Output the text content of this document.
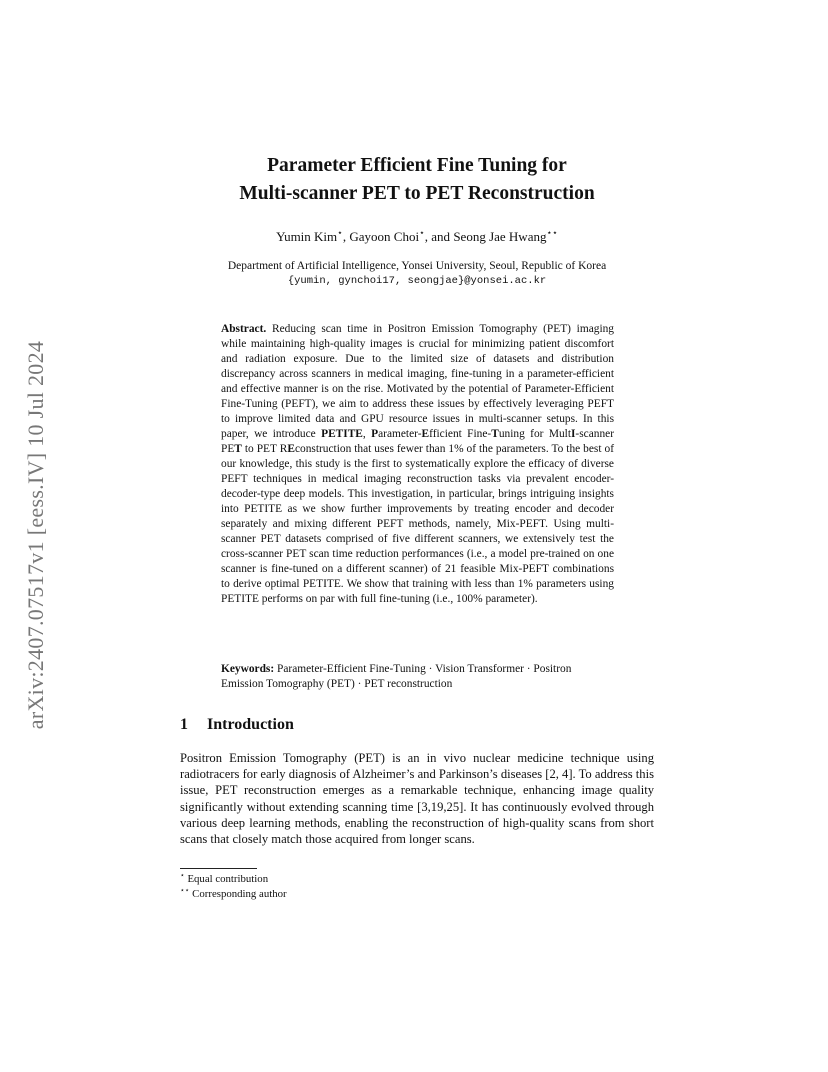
arXiv:2407.07517v1 [eess.IV] 10 Jul 2024
Parameter Efficient Fine Tuning for
Multi-scanner PET to PET Reconstruction
Yumin Kim⋆, Gayoon Choi⋆, and Seong Jae Hwang⋆⋆
Department of Artificial Intelligence, Yonsei University, Seoul, Republic of Korea
{yumin, gynchoi17, seongjae}@yonsei.ac.kr
Abstract. Reducing scan time in Positron Emission Tomography (PET) imaging while maintaining high-quality images is crucial for minimizing patient discomfort and radiation exposure. Due to the limited size of datasets and distribution discrepancy across scanners in medical imaging, fine-tuning in a parameter-efficient and effective manner is on the rise. Motivated by the potential of Parameter-Efficient Fine-Tuning (PEFT), we aim to address these issues by effectively leveraging PEFT to improve limited data and GPU resource issues in multi-scanner setups. In this paper, we introduce PETITE, Parameter-Efficient Fine-Tuning for MultI-scanner PET to PET REconstruction that uses fewer than 1% of the parameters. To the best of our knowledge, this study is the first to systematically explore the efficacy of diverse PEFT techniques in medical imaging reconstruction tasks via prevalent encoder-decoder-type deep models. This investigation, in particular, brings intriguing insights into PETITE as we show further improvements by treating encoder and decoder separately and mixing different PEFT methods, namely, Mix-PEFT. Using multi-scanner PET datasets comprised of five different scanners, we extensively test the cross-scanner PET scan time reduction performances (i.e., a model pre-trained on one scanner is fine-tuned on a different scanner) of 21 feasible Mix-PEFT combinations to derive optimal PETITE. We show that training with less than 1% parameters using PETITE performs on par with full fine-tuning (i.e., 100% parameter).
Keywords: Parameter-Efficient Fine-Tuning · Vision Transformer · Positron Emission Tomography (PET) · PET reconstruction
1 Introduction
Positron Emission Tomography (PET) is an in vivo nuclear medicine technique using radiotracers for early diagnosis of Alzheimer’s and Parkinson’s diseases [2, 4]. To address this issue, PET reconstruction emerges as a remarkable technique, enhancing image quality significantly without extending scanning time [3,19,25]. It has continuously evolved through various deep learning methods, enabling the reconstruction of high-quality scans from short scans that closely match those acquired from longer scans.
⋆ Equal contribution
⋆⋆ Corresponding author
